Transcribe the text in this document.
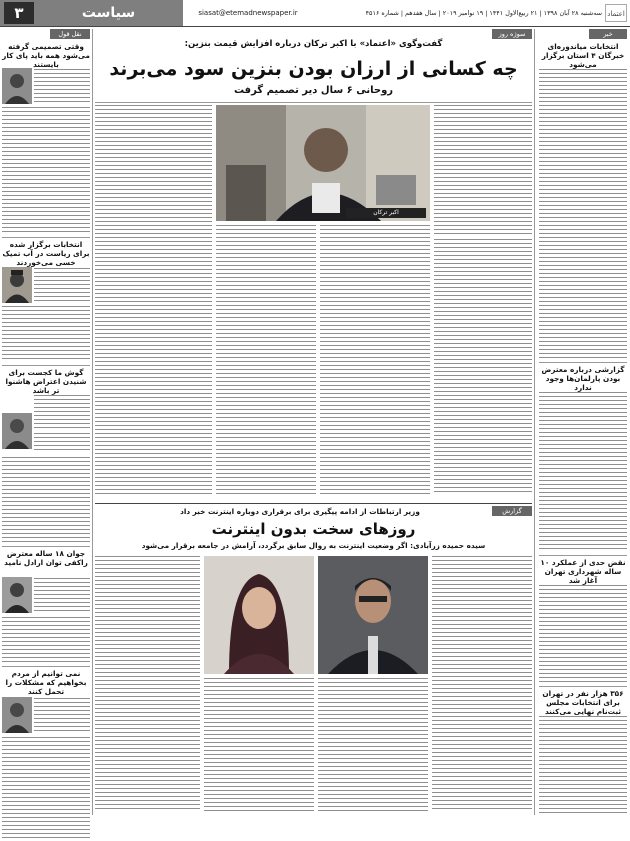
۳	سیاست	siasat@etemadnewspaper.ir	سه‌شنبه ۲۸ آبان ۱۳۹۸ | ۲۱ ربیع‌الاول ۱۴۴۱ | ۱۹ نوامبر ۲۰۱۹ | سال هفدهم | شماره ۴۵۱۶ اعتماد
نقل قول
وقتی تصمیمی گرفته می‌شود همه باید پای کار بایستند
انتخابات برگزار شده برای ریاست در آب تمیک خسی می‌خوردند
گوش ما کجست برای شنیدن اعتراض ها‌شنوا تر باشد
جوان ۱۸ ساله معترض راکفی توان ارادل نامید
نمی توانیم از مردم بخواهیم که مشکلات را تحمل کنند
سوژه روز
گفت‌وگوی «اعتماد» با اکبر ترکان درباره افزایش قیمت بنزین:
چه کسانی از ارزان بودن بنزین سود می‌برند
روحانی ۶ سال دیر تصمیم گرفت
اکبر ترکان
گزارش
وزیر ارتباطات از ادامه پیگیری برای برقراری دوباره اینترنت خبر داد
روزهای سخت بدون اینترنت
سیده حمیده زرآبادی: اگر وضعیت اینترنت به روال سابق برگردد، آرامش در جامعه برقرار می‌شود
خبر
انتخابات میاندوره‌ای خبرگان ۴ استان برگزار می‌شود
گزارشی درباره معترض بودن پارلمان‌ها وجود ندارد
نقض حدی از عملکرد ۱۰ ساله شهرداری تهران آغاز شد
۳۵۶ هزار نفر در تهران برای انتخابات مجلس ثبت‌نام نهایی می‌کنند
